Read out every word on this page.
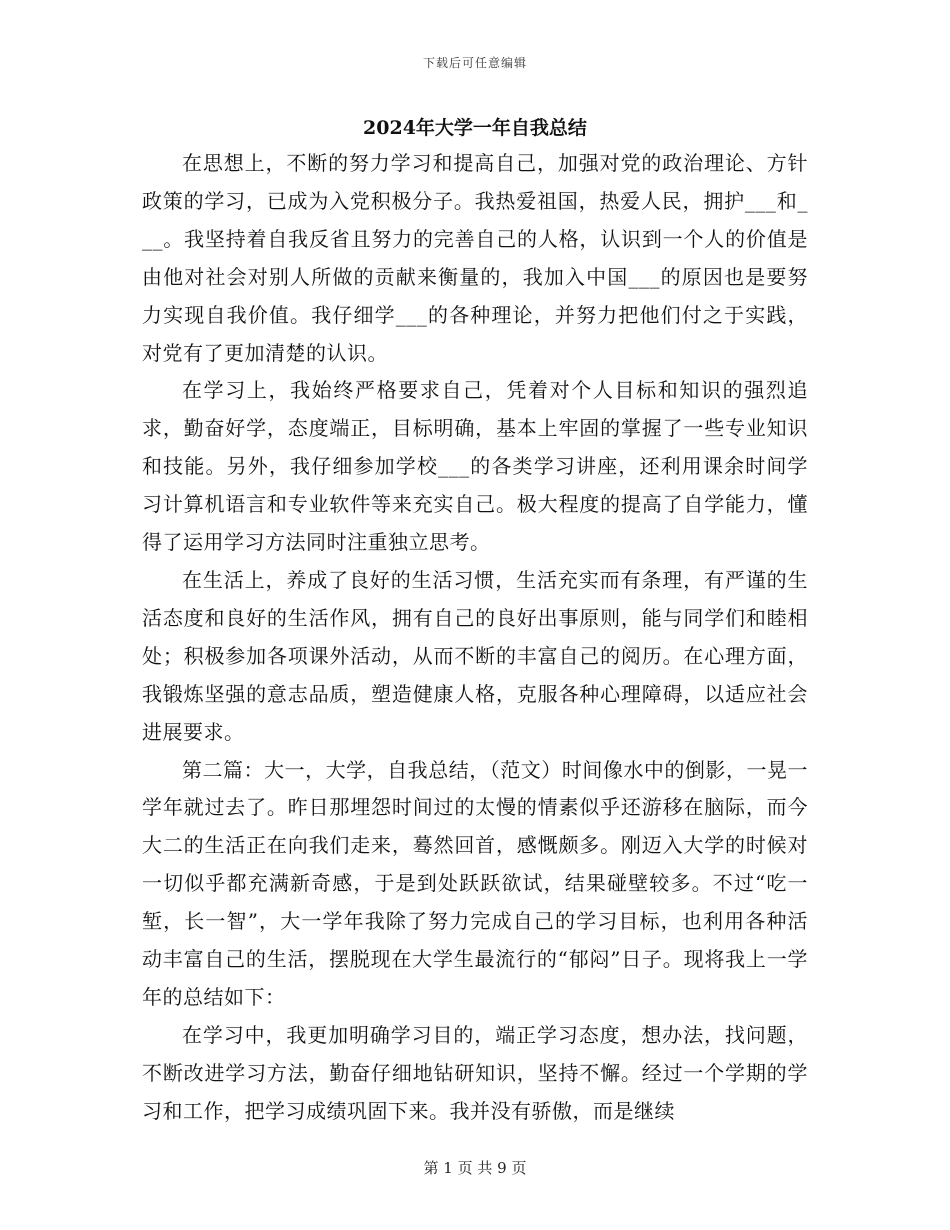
下载后可任意编辑
2024年大学一年自我总结

在思想上，不断的努力学习和提高自己，加强对党的政治理论、方针政策的学习，已成为入党积极分子。我热爱祖国，热爱人民，拥护___和___。我坚持着自我反省且努力的完善自己的人格，认识到一个人的价值是由他对社会对别人所做的贡献来衡量的，我加入中国___的原因也是要努力实现自我价值。我仔细学___的各种理论，并努力把他们付之于实践，对党有了更加清楚的认识。

在学习上，我始终严格要求自己，凭着对个人目标和知识的强烈追求，勤奋好学，态度端正，目标明确，基本上牢固的掌握了一些专业知识和技能。另外，我仔细参加学校___的各类学习讲座，还利用课余时间学习计算机语言和专业软件等来充实自己。极大程度的提高了自学能力，懂得了运用学习方法同时注重独立思考。

在生活上，养成了良好的生活习惯，生活充实而有条理，有严谨的生活态度和良好的生活作风，拥有自己的良好出事原则，能与同学们和睦相处；积极参加各项课外活动，从而不断的丰富自己的阅历。在心理方面，我锻炼坚强的意志品质，塑造健康人格，克服各种心理障碍，以适应社会进展要求。

第二篇：大一，大学，自我总结，（范文）时间像水中的倒影，一晃一学年就过去了。昨日那埋怨时间过的太慢的情素似乎还游移在脑际，而今大二的生活正在向我们走来，蓦然回首，感慨颇多。刚迈入大学的时候对一切似乎都充满新奇感，于是到处跃跃欲试，结果碰壁较多。不过“吃一堑，长一智”，大一学年我除了努力完成自己的学习目标，也利用各种活动丰富自己的生活，摆脱现在大学生最流行的“郁闷”日子。现将我上一学年的总结如下：

在学习中，我更加明确学习目的，端正学习态度，想办法，找问题，不断改进学习方法，勤奋仔细地钻研知识，坚持不懈。经过一个学期的学习和工作，把学习成绩巩固下来。我并没有骄傲，而是继续

第 1 页 共 9 页
